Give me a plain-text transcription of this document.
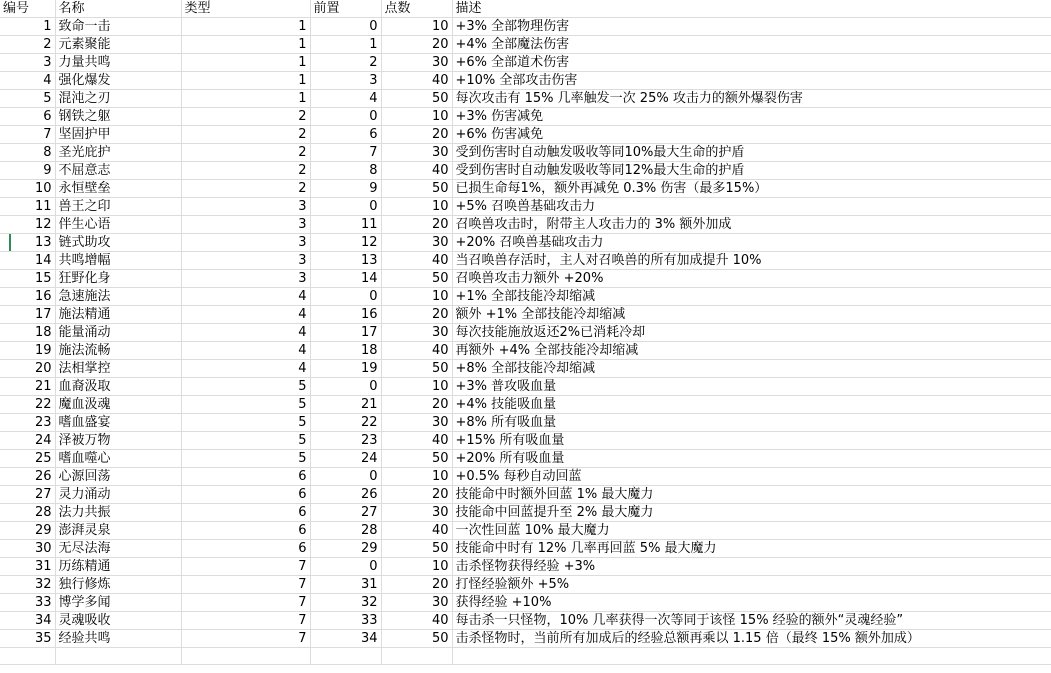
编号	名称	类型	前置	点数	描述
1	致命一击	1	0	10	+3% 全部物理伤害
2	元素聚能	1	1	20	+4% 全部魔法伤害
3	力量共鸣	1	2	30	+6% 全部道术伤害
4	强化爆发	1	3	40	+10% 全部攻击伤害
5	混沌之刃	1	4	50	每次攻击有 15% 几率触发一次 25% 攻击力的额外爆裂伤害
6	钢铁之躯	2	0	10	+3% 伤害减免
7	坚固护甲	2	6	20	+6% 伤害减免
8	圣光庇护	2	7	30	受到伤害时自动触发吸收等同10%最大生命的护盾
9	不屈意志	2	8	40	受到伤害时自动触发吸收等同12%最大生命的护盾
10	永恒壁垒	2	9	50	已损生命每1%，额外再减免 0.3% 伤害（最多15%）
11	兽王之印	3	0	10	+5% 召唤兽基础攻击力
12	伴生心语	3	11	20	召唤兽攻击时，附带主人攻击力的 3% 额外加成
13	链式助攻	3	12	30	+20% 召唤兽基础攻击力
14	共鸣增幅	3	13	40	当召唤兽存活时，主人对召唤兽的所有加成提升 10%
15	狂野化身	3	14	50	召唤兽攻击力额外 +20%
16	急速施法	4	0	10	+1% 全部技能冷却缩减
17	施法精通	4	16	20	额外 +1% 全部技能冷却缩减
18	能量涌动	4	17	30	每次技能施放返还2%已消耗冷却
19	施法流畅	4	18	40	再额外 +4% 全部技能冷却缩减
20	法相掌控	4	19	50	+8% 全部技能冷却缩减
21	血裔汲取	5	0	10	+3% 普攻吸血量
22	魔血汲魂	5	21	20	+4% 技能吸血量
23	嗜血盛宴	5	22	30	+8% 所有吸血量
24	泽被万物	5	23	40	+15% 所有吸血量
25	嗜血噬心	5	24	50	+20% 所有吸血量
26	心源回荡	6	0	10	+0.5% 每秒自动回蓝
27	灵力涌动	6	26	20	技能命中时额外回蓝 1% 最大魔力
28	法力共振	6	27	30	技能命中回蓝提升至 2% 最大魔力
29	澎湃灵泉	6	28	40	一次性回蓝 10% 最大魔力
30	无尽法海	6	29	50	技能命中时有 12% 几率再回蓝 5% 最大魔力
31	历练精通	7	0	10	击杀怪物获得经验 +3%
32	独行修炼	7	31	20	打怪经验额外 +5%
33	博学多闻	7	32	30	获得经验 +10%
34	灵魂吸收	7	33	40	每击杀一只怪物，10% 几率获得一次等同于该怪 15% 经验的额外“灵魂经验”
35	经验共鸣	7	34	50	击杀怪物时，当前所有加成后的经验总额再乘以 1.15 倍（最终 15% 额外加成）
